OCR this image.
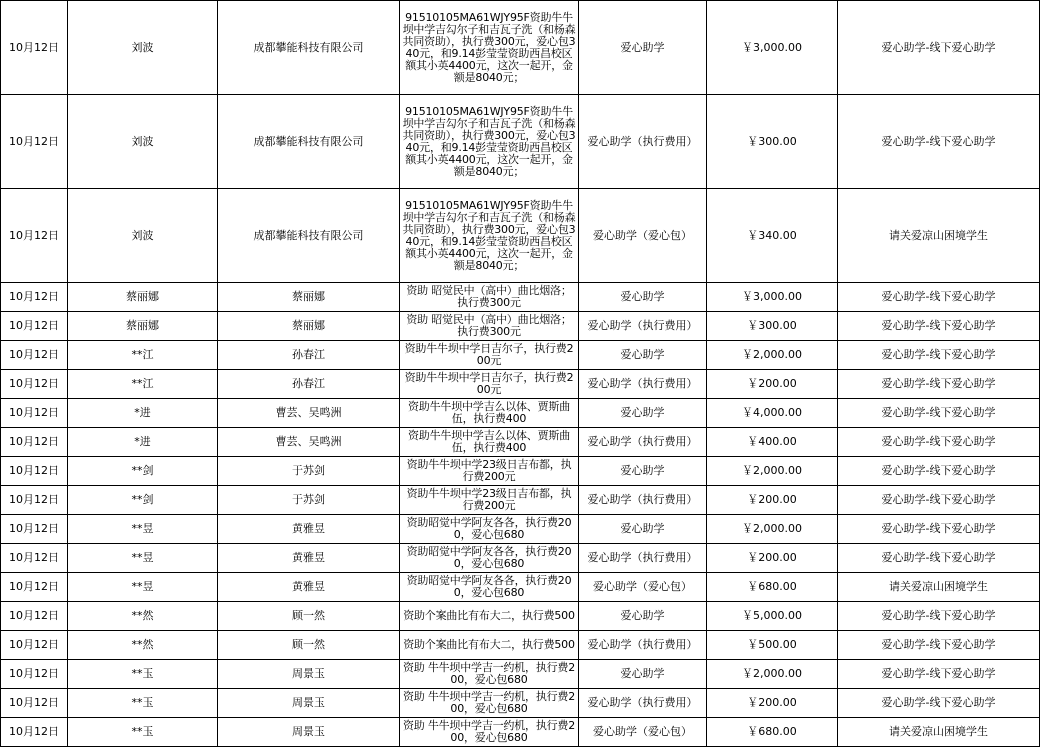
10月12日	刘波	成都攀能科技有限公司	91510105MA61WJY95F资助牛牛坝中学吉勾尔子和吉瓦子洗（和杨森共同资助），执行费300元，爱心包340元，和9.14彭莹莹资助西昌校区额其小英4400元，这次一起开，金额是8040元；	爱心助学	￥3,000.00	爱心助学-线下爱心助学
10月12日	刘波	成都攀能科技有限公司	91510105MA61WJY95F资助牛牛坝中学吉勾尔子和吉瓦子洗（和杨森共同资助），执行费300元，爱心包340元，和9.14彭莹莹资助西昌校区额其小英4400元，这次一起开，金额是8040元；	爱心助学（执行费用）	￥300.00	爱心助学-线下爱心助学
10月12日	刘波	成都攀能科技有限公司	91510105MA61WJY95F资助牛牛坝中学吉勾尔子和吉瓦子洗（和杨森共同资助），执行费300元，爱心包340元，和9.14彭莹莹资助西昌校区额其小英4400元，这次一起开，金额是8040元；	爱心助学（爱心包）	￥340.00	请关爱凉山困境学生
10月12日	蔡丽娜	蔡丽娜	资助 昭觉民中（高中）曲比烟洛；执行费300元	爱心助学	￥3,000.00	爱心助学-线下爱心助学
10月12日	蔡丽娜	蔡丽娜	资助 昭觉民中（高中）曲比烟洛；执行费300元	爱心助学（执行费用）	￥300.00	爱心助学-线下爱心助学
10月12日	**江	孙春江	资助牛牛坝中学日吉尔子，执行费200元	爱心助学	￥2,000.00	爱心助学-线下爱心助学
10月12日	**江	孙春江	资助牛牛坝中学日吉尔子，执行费200元	爱心助学（执行费用）	￥200.00	爱心助学-线下爱心助学
10月12日	*进	曹芸、吴鸣洲	资助牛牛坝中学吉么以体、贾斯曲伍，执行费400	爱心助学	￥4,000.00	爱心助学-线下爱心助学
10月12日	*进	曹芸、吴鸣洲	资助牛牛坝中学吉么以体、贾斯曲伍，执行费400	爱心助学（执行费用）	￥400.00	爱心助学-线下爱心助学
10月12日	**剑	于苏剑	资助牛牛坝中学23级日吉布都，执行费200元	爱心助学	￥2,000.00	爱心助学-线下爱心助学
10月12日	**剑	于苏剑	资助牛牛坝中学23级日吉布都，执行费200元	爱心助学（执行费用）	￥200.00	爱心助学-线下爱心助学
10月12日	**昱	黄雅昱	资助昭觉中学阿友各各，执行费200，爱心包680	爱心助学	￥2,000.00	爱心助学-线下爱心助学
10月12日	**昱	黄雅昱	资助昭觉中学阿友各各，执行费200，爱心包680	爱心助学（执行费用）	￥200.00	爱心助学-线下爱心助学
10月12日	**昱	黄雅昱	资助昭觉中学阿友各各，执行费200，爱心包680	爱心助学（爱心包）	￥680.00	请关爱凉山困境学生
10月12日	**然	顾一然	资助个案曲比有布大二，执行费500	爱心助学	￥5,000.00	爱心助学-线下爱心助学
10月12日	**然	顾一然	资助个案曲比有布大二，执行费500	爱心助学（执行费用）	￥500.00	爱心助学-线下爱心助学
10月12日	**玉	周景玉	资助 牛牛坝中学吉一约机，执行费200，爱心包680	爱心助学	￥2,000.00	爱心助学-线下爱心助学
10月12日	**玉	周景玉	资助 牛牛坝中学吉一约机，执行费200，爱心包680	爱心助学（执行费用）	￥200.00	爱心助学-线下爱心助学
10月12日	**玉	周景玉	资助 牛牛坝中学吉一约机，执行费200，爱心包680	爱心助学（爱心包）	￥680.00	请关爱凉山困境学生
